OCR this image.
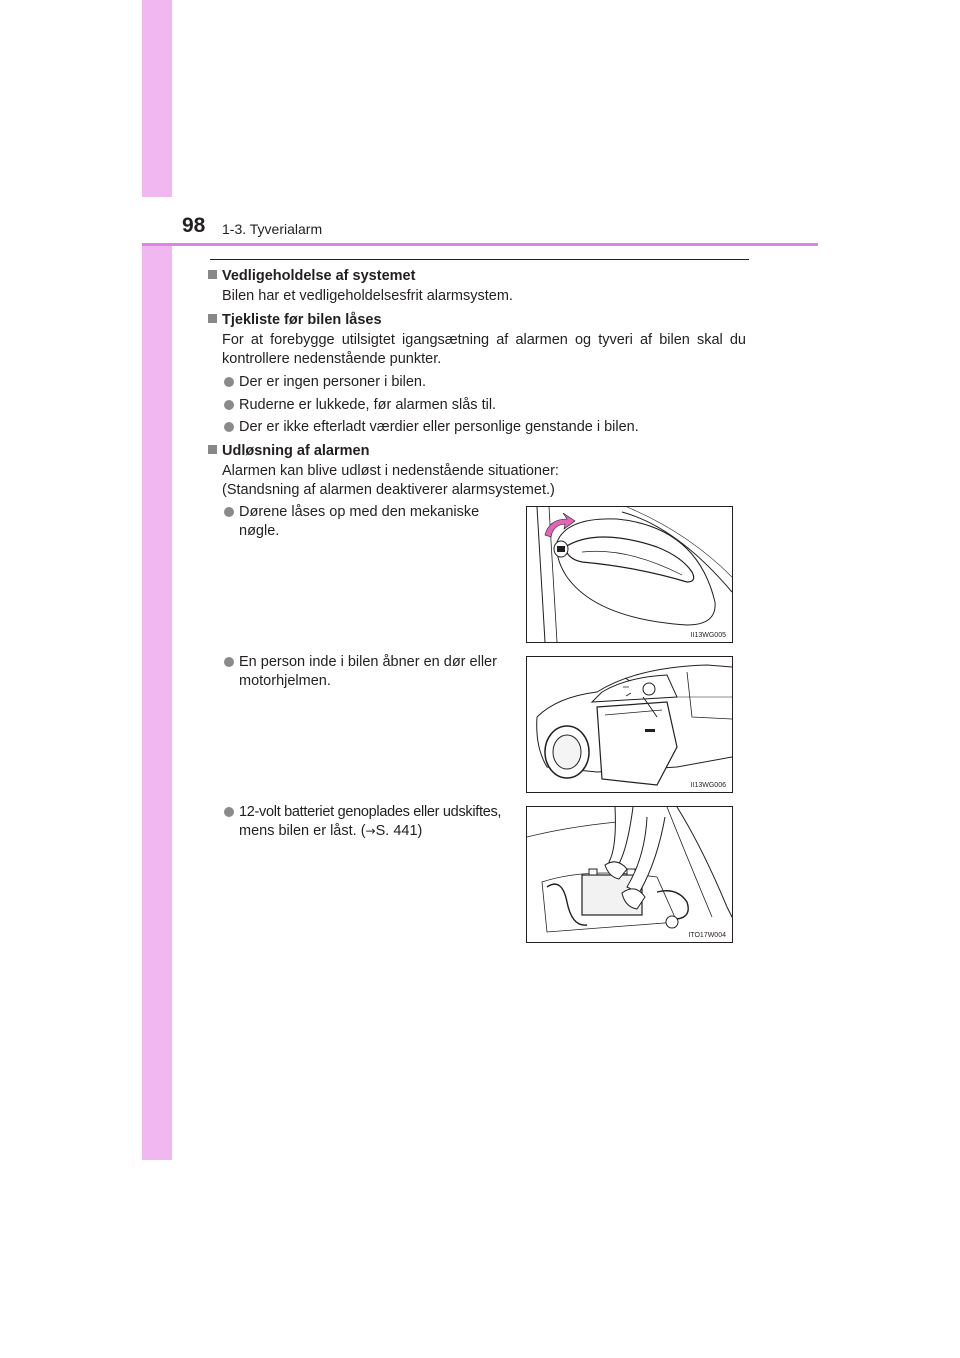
98 1-3. Tyverialarm
Vedligeholdelse af systemet
Bilen har et vedligeholdelsesfrit alarmsystem.
Tjekliste før bilen låses
For at forebygge utilsigtet igangsætning af alarmen og tyveri af bilen skal du kontrollere nedenstående punkter.
Der er ingen personer i bilen.
Ruderne er lukkede, før alarmen slås til.
Der er ikke efterladt værdier eller personlige genstande i bilen.
Udløsning af alarmen
Alarmen kan blive udløst i nedenstående situationer:
(Standsning af alarmen deaktiverer alarmsystemet.)
Dørene låses op med den mekaniske
nøgle.
II13WG005
En person inde i bilen åbner en dør eller
motorhjelmen.
II13WG006
12-volt batteriet genoplades eller udskiftes,
mens bilen er låst. (→S. 441)
ITO17W004
